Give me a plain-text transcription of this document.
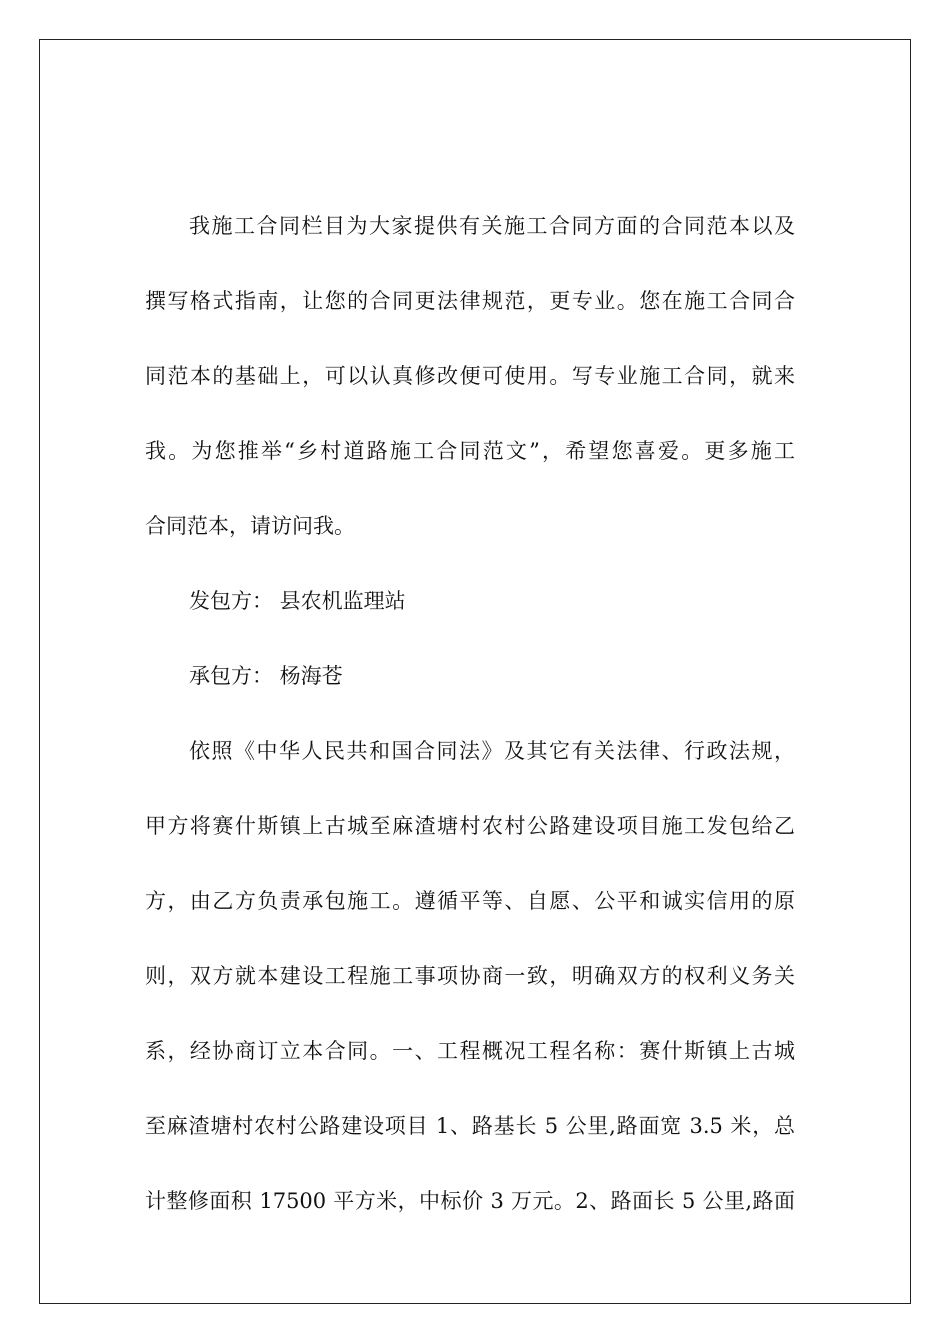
我施工合同栏目为大家提供有关施工合同方面的合同范本以及
撰写格式指南，让您的合同更法律规范，更专业。您在施工合同合
同范本的基础上，可以认真修改便可使用。写专业施工合同，就来
我。为您推举“乡村道路施工合同范文”，希望您喜爱。更多施工
合同范本，请访问我。
发包方： 县农机监理站
承包方： 杨海苍
依照《中华人民共和国合同法》及其它有关法律、行政法规，
甲方将赛什斯镇上古城至麻渣塘村农村公路建设项目施工发包给乙
方，由乙方负责承包施工。遵循平等、自愿、公平和诚实信用的原
则，双方就本建设工程施工事项协商一致，明确双方的权利义务关
系，经协商订立本合同。一、工程概况工程名称：赛什斯镇上古城
至麻渣塘村农村公路建设项目 1、路基长 5 公里,路面宽 3.5 米，总
计整修面积 17500 平方米，中标价 3 万元。2、路面长 5 公里,路面
